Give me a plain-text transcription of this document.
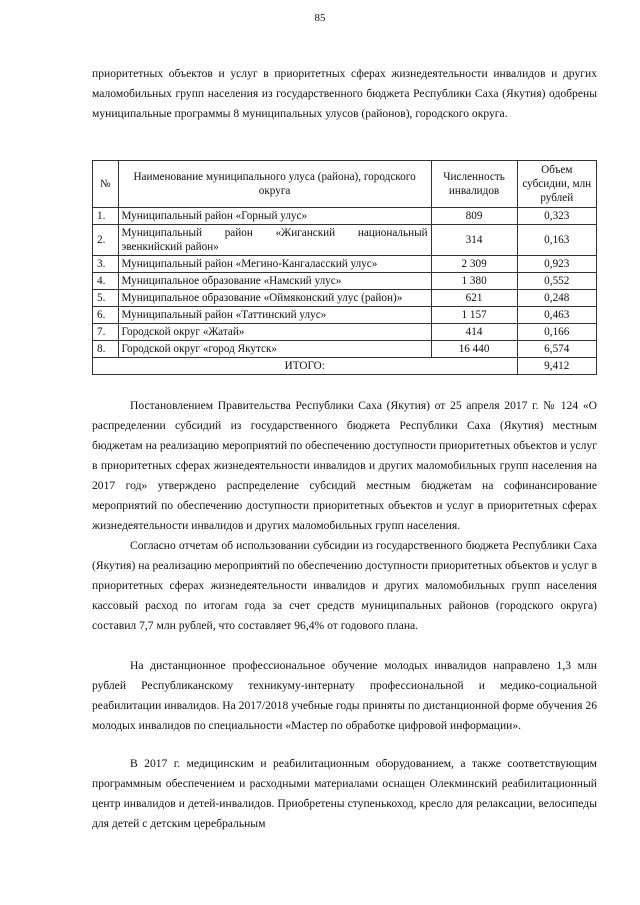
85

приоритетных объектов и услуг в приоритетных сферах жизнедеятельности инвалидов и других маломобильных групп населения из государственного бюджета Республики Саха (Якутия) одобрены муниципальные программы 8 муниципальных улусов (районов), городского округа.

№	Наименование муниципального улуса (района), городского округа	Численность инвалидов	Объем субсидии, млн рублей
1.	Муниципальный район «Горный улус»	809	0,323
2.	Муниципальный район «Жиганский национальный эвенкийский район»	314	0,163
3.	Муниципальный район «Мегино-Кангаласский улус»	2 309	0,923
4.	Муниципальное образование «Намский улус»	1 380	0,552
5.	Муниципальное образование «Оймяконский улус (район)»	621	0,248
6.	Муниципальный район «Таттинский улус»	1 157	0,463
7.	Городской округ «Жатай»	414	0,166
8.	Городской округ «город Якутск»	16 440	6,574
ИТОГО:			9,412

Постановлением Правительства Республики Саха (Якутия) от 25 апреля 2017 г. № 124 «О распределении субсидий из государственного бюджета Республики Саха (Якутия) местным бюджетам на реализацию мероприятий по обеспечению доступности приоритетных объектов и услуг в приоритетных сферах жизнедеятельности инвалидов и других маломобильных групп населения на 2017 год» утверждено распределение субсидий местным бюджетам на софинансирование мероприятий по обеспечению доступности приоритетных объектов и услуг в приоритетных сферах жизнедеятельности инвалидов и других маломобильных групп населения.

Согласно отчетам об использовании субсидии из государственного бюджета Республики Саха (Якутия) на реализацию мероприятий по обеспечению доступности приоритетных объектов и услуг в приоритетных сферах жизнедеятельности инвалидов и других маломобильных групп населения кассовый расход по итогам года за счет средств муниципальных районов (городского округа) составил 7,7 млн рублей, что составляет 96,4% от годового плана.

На дистанционное профессиональное обучение молодых инвалидов направлено 1,3 млн рублей Республиканскому техникуму-интернату профессиональной и медико-социальной реабилитации инвалидов. На 2017/2018 учебные годы приняты по дистанционной форме обучения 26 молодых инвалидов по специальности «Мастер по обработке цифровой информации».

В 2017 г. медицинским и реабилитационным оборудованием, а также соответствующим программным обеспечением и расходными материалами оснащен Олекминский реабилитационный центр инвалидов и детей-инвалидов. Приобретены ступенькоход, кресло для релаксации, велосипеды для детей с детским церебральным
